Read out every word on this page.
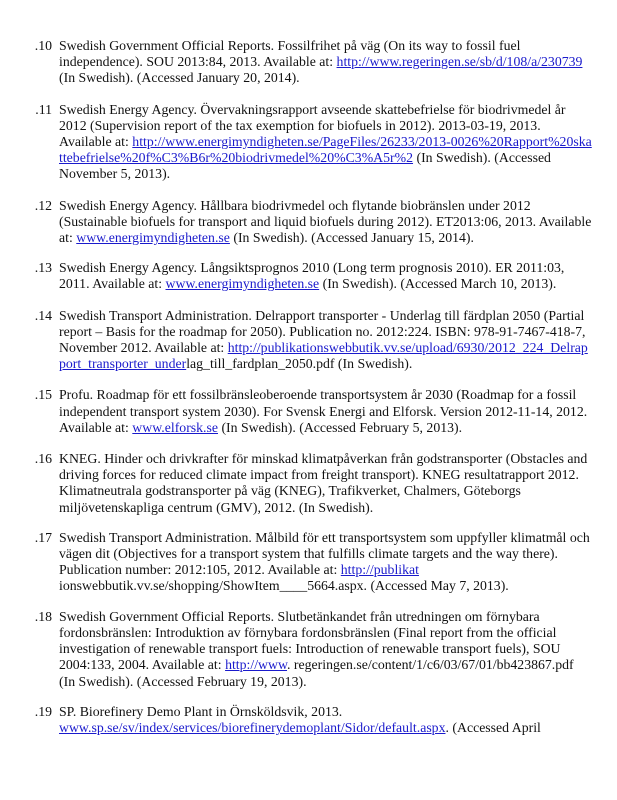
10. Swedish Government Official Reports. Fossilfrihet på väg (On its way to fossil fuel independence). SOU 2013:84, 2013. Available at: http://www.regeringen.se/sb/d/108/a/230739 (In Swedish). (Accessed January 20, 2014).
11. Swedish Energy Agency. Övervakningsrapport avseende skattebefrielse för biodrivmedel år 2012 (Supervision report of the tax exemption for biofuels in 2012). 2013-03-19, 2013. Available at: http://www.energimyndigheten.se/PageFiles/26233/2013-0026%20Rapport%20skattebefrielse%20f%C3%B6r%20biodrivmedel%20%C3%A5r%2 (In Swedish). (Accessed November 5, 2013).
12. Swedish Energy Agency. Hållbara biodrivmedel och flytande biobränslen under 2012 (Sustainable biofuels for transport and liquid biofuels during 2012). ET2013:06, 2013. Available at: www.energimyndigheten.se (In Swedish). (Accessed January 15, 2014).
13. Swedish Energy Agency. Långsiktsprognos 2010 (Long term prognosis 2010). ER 2011:03, 2011. Available at: www.energimyndigheten.se (In Swedish). (Accessed March 10, 2013).
14. Swedish Transport Administration. Delrapport transporter - Underlag till färdplan 2050 (Partial report – Basis for the roadmap for 2050). Publication no. 2012:224. ISBN: 978-91-7467-418-7, November 2012. Available at: http://publikationswebbutik.vv.se/upload/6930/2012_224_Delrapport_transporter_underlag_till_fardplan_2050.pdf (In Swedish).
15. Profu. Roadmap för ett fossilbränsleoberoende transportsystem år 2030 (Roadmap for a fossil independent transport system 2030). For Svensk Energi and Elforsk. Version 2012-11-14, 2012. Available at: www.elforsk.se (In Swedish). (Accessed February 5, 2013).
16. KNEG. Hinder och drivkrafter för minskad klimatpåverkan från godstransporter (Obstacles and driving forces for reduced climate impact from freight transport). KNEG resultatrapport 2012. Klimatneutrala godstransporter på väg (KNEG), Trafikverket, Chalmers, Göteborgs miljövetenskapliga centrum (GMV), 2012. (In Swedish).
17. Swedish Transport Administration. Målbild för ett transportsystem som uppfyller klimatmål och vägen dit (Objectives for a transport system that fulfills climate targets and the way there). Publication number: 2012:105, 2012. Available at: http://publikat ionswebbutik.vv.se/shopping/ShowItem____5664.aspx. (Accessed May 7, 2013).
18. Swedish Government Official Reports. Slutbetänkandet från utredningen om förnybara fordonsbränslen: Introduktion av förnybara fordonsbränslen (Final report from the official investigation of renewable transport fuels: Introduction of renewable transport fuels), SOU 2004:133, 2004. Available at: http://www. regeringen.se/content/1/c6/03/67/01/bb423867.pdf (In Swedish). (Accessed February 19, 2013).
19. SP. Biorefinery Demo Plant in Örnsköldsvik, 2013. www.sp.se/sv/index/services/biorefinerydemoplant/Sidor/default.aspx. (Accessed April
